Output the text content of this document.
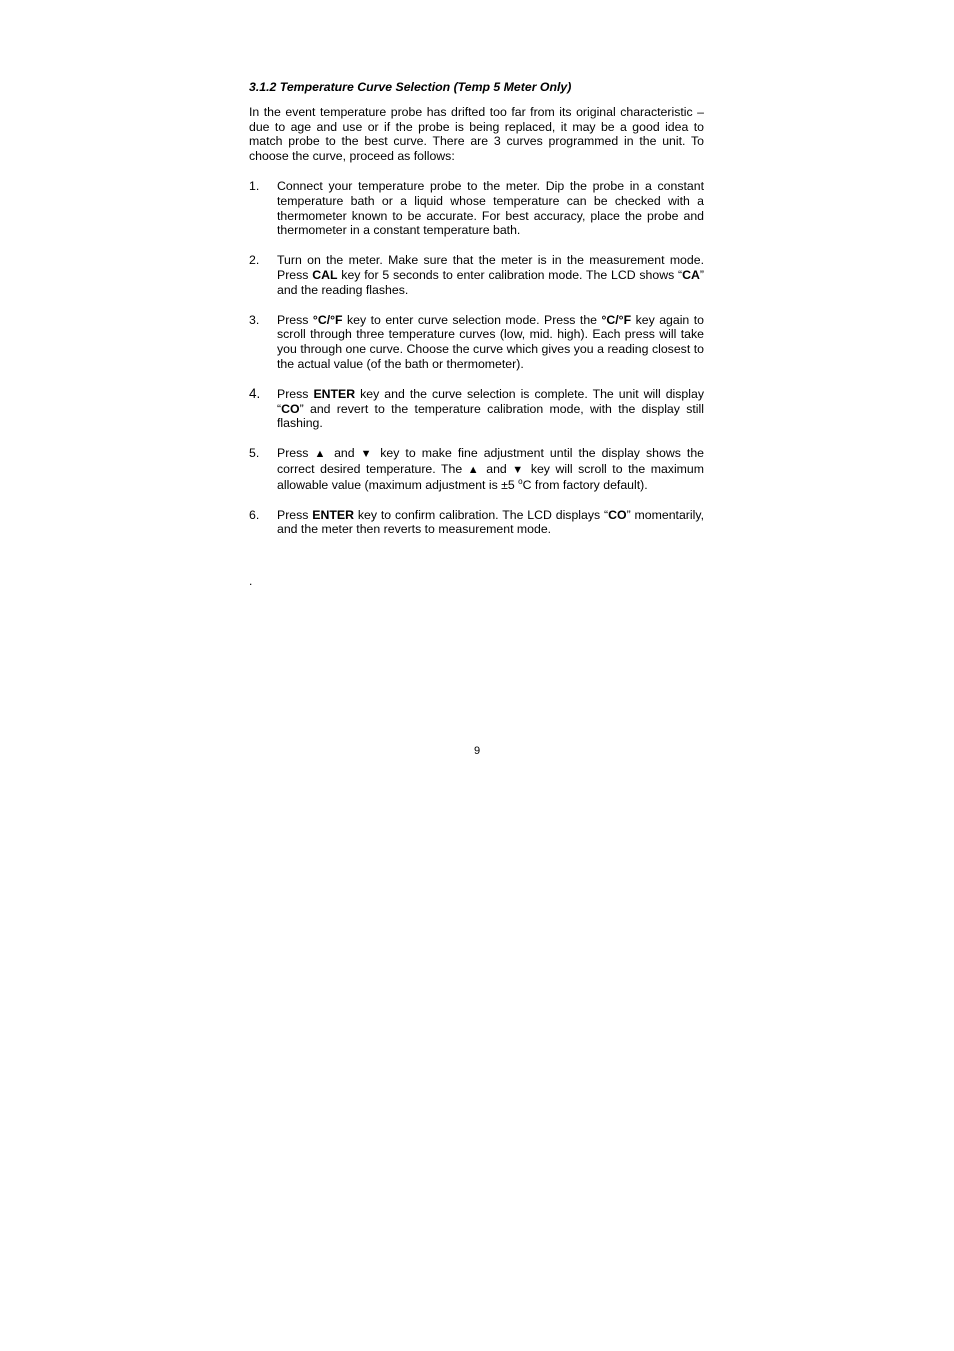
3.1.2 Temperature Curve Selection (Temp 5 Meter Only)

In the event temperature probe has drifted too far from its original characteristic – due to age and use or if the probe is being replaced, it may be a good idea to match probe to the best curve. There are 3 curves programmed in the unit. To choose the curve, proceed as follows:

1. Connect your temperature probe to the meter. Dip the probe in a constant temperature bath or a liquid whose temperature can be checked with a thermometer known to be accurate. For best accuracy, place the probe and thermometer in a constant temperature bath.
2. Turn on the meter. Make sure that the meter is in the measurement mode. Press CAL key for 5 seconds to enter calibration mode. The LCD shows “CA” and the reading flashes.
3. Press °C/°F key to enter curve selection mode. Press the °C/°F key again to scroll through three temperature curves (low, mid. high). Each press will take you through one curve. Choose the curve which gives you a reading closest to the actual value (of the bath or thermometer).
4. Press ENTER key and the curve selection is complete. The unit will display “CO” and revert to the temperature calibration mode, with the display still flashing.
5. Press ▲ and ▼ key to make fine adjustment until the display shows the correct desired temperature. The ▲ and ▼ key will scroll to the maximum allowable value (maximum adjustment is ±5 $^o$C from factory default).
6. Press ENTER key to confirm calibration. The LCD displays “CO” momentarily, and the meter then reverts to measurement mode.
.
9
